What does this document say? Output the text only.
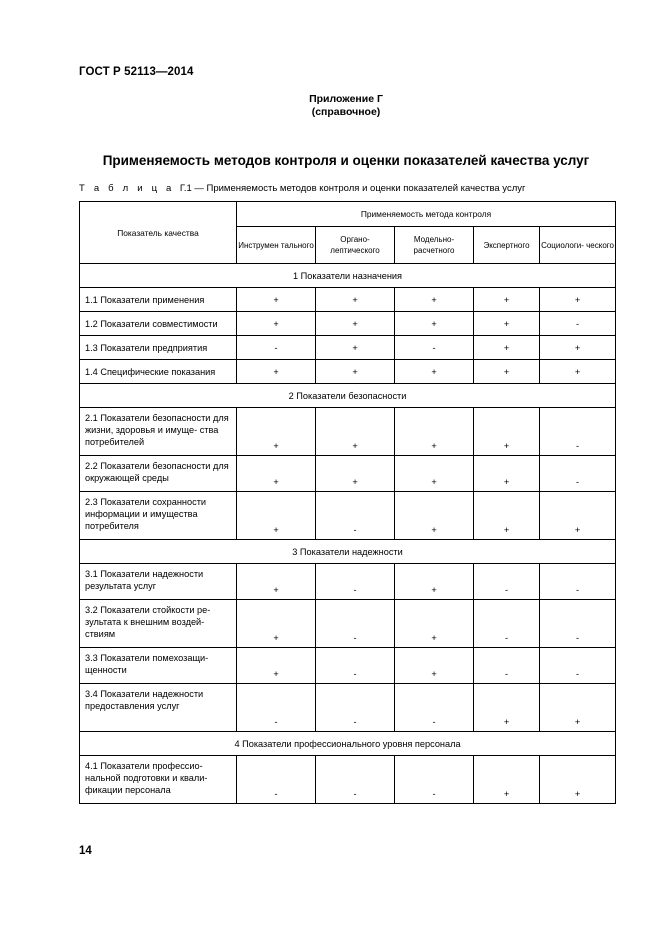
ГОСТ Р 52113—2014
Приложение Г
(справочное)
Применяемость методов контроля и оценки показателей качества услуг
Т а б л и ц а Г.1 — Применяемость методов контроля и оценки показателей качества услуг
Показатель качества	Применяемость метода контроля				
	Инструмен тального	Органо- лептического	Модельно- расчетного	Экспертного	Социологи- ческого
1 Показатели назначения					
1.1 Показатели применения	+	+	+	+	+
1.2 Показатели совместимости	+	+	+	+	-
1.3 Показатели предприятия	-	+	-	+	+
1.4 Специфические показания	+	+	+	+	+
2 Показатели безопасности					
2.1 Показатели безопасности для жизни, здоровья и имуще- ства потребителей	+	+	+	+	-
2.2 Показатели безопасности для окружающей среды	+	+	+	+	-
2.3 Показатели сохранности информации и имущества потребителя	+	-	+	+	+
3 Показатели надежности					
3.1 Показатели надежности результата услуг	+	-	+	-	-
3.2 Показатели стойкости ре- зультата к внешним воздей- ствиям	+	-	+	-	-
3.3 Показатели помехозащи- щенности	+	-	+	-	-
3.4 Показатели надежности предоставления услуг	-	-	-	+	+
4 Показатели профессионального уровня персонала					
4.1 Показатели профессио- нальной подготовки и квали- фикации персонала	-	-	-	+	+
14
